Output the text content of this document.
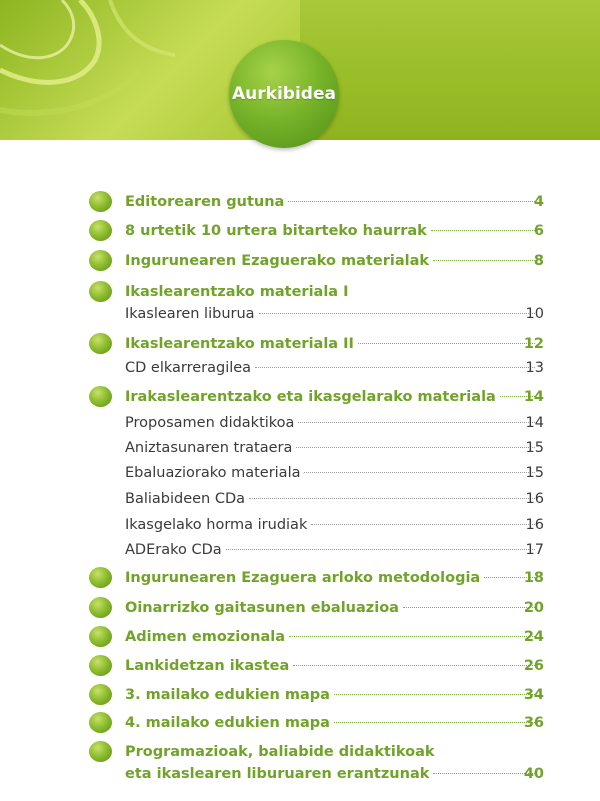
Aurkibidea
Editorearen gutuna	4
8 urtetik 10 urtera bitarteko haurrak	6
Ingurunearen Ezaguerako materialak	8
Ikaslearentzako materiala I
Ikaslearen liburua	10
Ikaslearentzako materiala II	12
CD elkarreragilea	13
Irakaslearentzako eta ikasgelarako materiala	14
Proposamen didaktikoa	14
Aniztasunaren trataera	15
Ebaluaziorako materiala	15
Baliabideen CDa	16
Ikasgelako horma irudiak	16
ADErako CDa	17
Ingurunearen Ezaguera arloko metodologia	18
Oinarrizko gaitasunen ebaluazioa	20
Adimen emozionala	24
Lankidetzan ikastea	26
3. mailako edukien mapa	34
4. mailako edukien mapa	36
Programazioak, baliabide didaktikoak
eta ikaslearen liburuaren erantzunak	40
